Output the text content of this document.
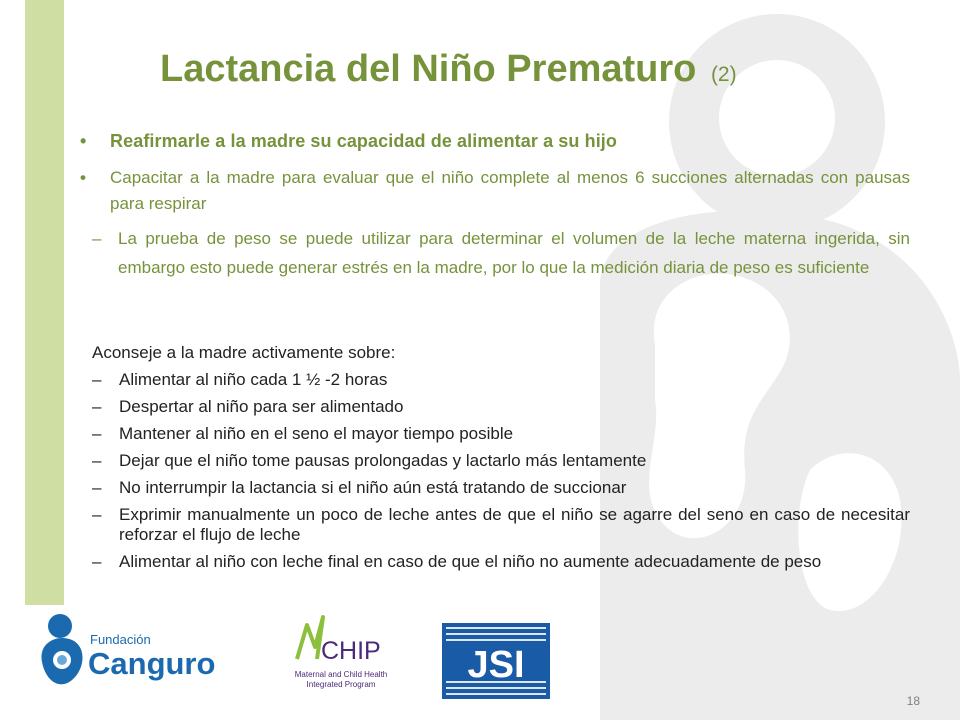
Lactancia del Niño Prematuro (2)

• Reafirmarle a la madre su capacidad de alimentar a su hijo

• Capacitar a la madre para evaluar que el niño complete al menos 6 succiones alternadas con pausas para respirar

– La prueba de peso se puede utilizar para determinar el volumen de la leche materna ingerida, sin embargo esto puede generar estrés en la madre, por lo que la medición diaria de peso es suficiente

Aconseje a la madre activamente sobre:

– Alimentar al niño cada 1 ½ -2 horas
– Despertar al niño para ser alimentado
– Mantener al niño en el seno el mayor tiempo posible
– Dejar que el niño tome pausas prolongadas y lactarlo más lentamente
– No interrumpir la lactancia si el niño aún está tratando de succionar
– Exprimir manualmente un poco de leche antes de que el niño se agarre del seno en caso de necesitar reforzar el flujo de leche
– Alimentar al niño con leche final en caso de que el niño no aumente adecuadamente de peso
Fundación
Canguro	CHIP
Maternal and Child Health
Integrated Program JSI
18
